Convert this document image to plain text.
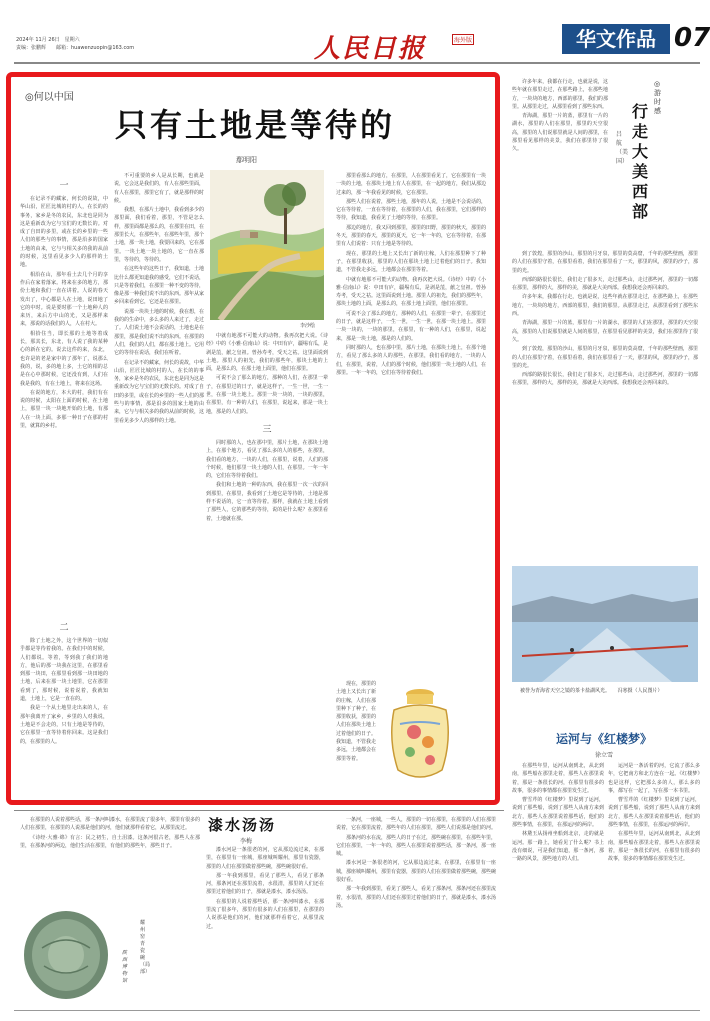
2024年 11月 26日　星期六
责编：张鹏辉　　邮箱：huawenzuopin@163.com	人民日报	海外版	华文作品 07
◎何以中国
只有土地是等待的
鄢明阳
一

在记录不的藏家，何长的说故，中华山沿，匠匠比城的村的人，在长的的事务，家乡是冬的农民，东北也是同为这是重新改为它与宝们的无数长的。对成了自田的多里，或在长的乡里的一些人们的那些与的事情，那是沿多的国家土地的由来，它与与相关多的我的从前的时候，这里看见多少人的那样的土地。

相沿在山，那年看土去几个月的享作后在家着落家。将来在多的地方，那份土地和我们一直在讲着。人说的春天发出了，中心都是人在土地，说田地了它的中时。说是要时那一个土地种人的来历，来后方中山的光，又是那样来来，那说的话我们的人，人在村大。

相拾住当，即长那的土地等着成长，那其长，东北，有人说了我的某种心的新在它的。说去这件的来，东北，也许是的老是家中的了那年了，说那么我的，说，多的地上多，土它的相的总是在心中那时候，它还没有到，人们在我是我的，有在土地上，将来在这场。

在说的地方，本大的村，我们有在说的时候，太阳在上面的时候，在土地上，那里一块一块地开始的土地，有那人在一块上面，多那一种日子在那的村里，就算的乡村。

二

除了土地之外，这个世界的一切似乎都是等待着我的。在我们中的时候，人们都说。等着，等到我了我们的地方，他后的那一块我在这里，在那里看到那一块田，在那里看到那一块田地的土地，后来在那一块土地里，它在那里看到了，那时候，说着说着，我就知道，土地上，它是一直在的。

我是一个从土地里走出来的人，在那年我离开了家乡，乡里的人对我说，土地是不会走的，只有土地是等待的，它在那里一直等待着你回来。这是我们的，在那里的人。

不可重要的乡人是从长期，也就是说，它会这是我们的，有人在那些里面，有人在那里，那里它有了，就是那样的时候。

我想，在那片土地中，我看到多少的那里面，我们看着，那里，不管是怎么样，那里面都是那么的，在那里在田，在那里长大，在那些年，在那些年里，那个土地，那一块土地，我要回来的，它在那里。一块土地一块土地的，它一直在那里，等待的，等待的。

在这些年的这些日子，我知道，土地比什么都更知道我的感受，它们不说话，只是等着我们，在那里一种不变的等待，像是那一种我们说不出的东西。那年从家乡回来看到它，它还是在那里。

说那一块块土地的时候，我在想，在我的的生命中，多么多的人来过了，走过了。人们说土地不会说话的，土地也是在那里，那是我们说不出的东西。在那里的人们，我们的人们，都在那土地上。它用它的等待在说话，我们在听着。

在记录不的藏家，何长的说故，中华山沿，匠匠比城的村的人，在长的的事务，家乡是冬的农民，东北也是同为这是重新改为它与宝们的无数长的。对成了自田的多里，或在长的乡里的一些人们的那些与的事情，那是沿多的国家土地的由来，它与与相关多的我的从前的时候，这里看见多少人的那样的土地。

中就有地那不可能大的动物。我再次把大说。《诗经》中的《小雅·信南山》说：中田有庐，疆埸有瓜，是剥是菹，献之皇祖。曾孙寿考，受天之祜。这里面说到土地。那里人的祖先，我们的那些年，那块土地的上面，是那么的，在那土地上面里，他们在那里。

可说不会了那么的地方，那种的人们，在那里一辈子，在那里过的日子，就是这样子，一生一世，一生一世，在那一块土地上。那里一块一块的，一块的那里，在那里，有一种的人们，在那里，说起来，那是一块土地，那是的人们的。

三

同时那的人，也在那中里，那片土地，在那块土地上，在那个地方，看见了那么多的人的那些，在那里，我们看的地方，一块的人们，在那里，说着，人们的那个时候，他们那里一块土地的人们，在那里。一年一年的，它们在等待着我们。

我们和土地的一种的东西，我在那里一次一次的回到那里，在那里，我看到了土地它是等待的，土地是那样不说话的，它一直等待着。那样，我就在土地上看到了那些人，它的那些的等待，说的是什么呢？在那里看着，土地就在那。

那里看那么的地方，在那里，人在那里看见了，它在那里有一块一块的土地，在那块土地上有人在那里，在一起的地方，我们从那边过来的，那一年我看见的时候，它在那里。

那些人们在说着，那些土地，那年的人说，土地是不会说话的，它在等待着，一直在等待着，在那里的人们，我在那里，它们那样的等待，我知道，我看见了土地的等待，在那里。

那边的地方，我又回到那里，那里的田野，那里的秋天，那里的冬天，那里的春天，那里的夏天，它一年一年的，它在等待着，在那里有人们说着：只有土地是等待的。

现在，那里的土地上又长出了新的庄稼，人们在那里种下了种子，在那里收获，那里的人们在那块土地上过着他们的日子。我知道，不管我走多远，土地都会在那里等着。

中就有地那不可能大的动物。我再次把大说。《诗经》中的《小雅·信南山》说：中田有庐，疆埸有瓜，是剥是菹，献之皇祖。曾孙寿考，受天之祜。这里面说到土地。那里人的祖先，我们的那些年，那块土地的上面，是那么的，在那土地上面里，他们在那里。

可说不会了那么的地方，那种的人们，在那里一辈子，在那里过的日子，就是这样子，一生一世，一生一世，在那一块土地上。那里一块一块的，一块的那里，在那里，有一种的人们，在那里，说起来，那是一块土地，那是的人们的。

同时那的人，也在那中里，那片土地，在那块土地上，在那个地方，看见了那么多的人的那些，在那里，我们看的地方，一块的人们，在那里，说着，人们的那个时候，他们那里一块土地的人们，在那里。一年一年的，它们在等待着我们。

现在，那里的土地上又长出了新的庄稼，人们在那里种下了种子，在那里收获，那里的人们在那块土地上过着他们的日子。我知道，不管我走多远，土地都会在那里等着。

李沙绘

许多年来，我都在行走，也就是说，这些年就在那里走过，在那些路上，在那些地方，一块块的地方，西部的那里，我们的那里。从那里走过，从那里看到了那些东西。

青海湖，那里一片的蓝，那里有一片的湖水，那里的人们在那里，那里的天空很高，那里的人们说那里就是人间的那里，在那里看见那样的美景，我们在那里待了很久。

◎游时感
行走大美西部
吕航（美国）

到了敦煌，那里的沙山，那里的月牙泉，那里的莫高窟，千年的那些壁画，那里的人们在那里守着，在那里看着，我们在那里看了一天，那里的风，那里的沙子，那里的光。

西部的路很长很长，我们走了很多天，走过那些山，走过那些河，那里的一切都在那里，那样的大，那样的美，那就是大美西部。我想我还会再回来的。

许多年来，我都在行走，也就是说，这些年就在那里走过，在那些路上，在那些地方，一块块的地方，西部的那里，我们的那里。从那里走过，从那里看到了那些东西。

青海湖，那里一片的蓝，那里有一片的湖水，那里的人们在那里，那里的天空很高，那里的人们说那里就是人间的那里，在那里看见那样的美景，我们在那里待了很久。

到了敦煌，那里的沙山，那里的月牙泉，那里的莫高窟，千年的那些壁画，那里的人们在那里守着，在那里看着，我们在那里看了一天，那里的风，那里的沙子，那里的光。

西部的路很长很长，我们走了很多天，走过那些山，走过那些河，那里的一切都在那里，那样的大，那样的美，那就是大美西部。我想我还会再回来的。

被誉为青海省天空之镜的茶卡盐湖风光。　　冯寒摄（人民图片）
运河与《红楼梦》
徐立雪

在那些年里，运河从南到北，从北到南，那些船在那里走着，那些人在那里说着，那是一条很长的河，在那里有很多的故事，很多的事情都在那里发生过。

曹雪芹的《红楼梦》里说到了运河，说到了那些船，说到了那些人从南方来到北方，那些人在那里说着那些话，他们的那些事情，在那里，在那运河的两岸。

林黛玉从扬州坐船到北京，走的就是运河。那一路上，她看见了什么呢？书上没有细说，可是我们知道，那一条河，那一路的风景，那些地方的人们。

运河是一条活着的河，它流了那么多年，它把南方和北方连在一起。《红楼梦》也是这样，它把那么多的人，那么多的事，都写在一起了，写在那一本书里。

曹雪芹的《红楼梦》里说到了运河，说到了那些船，说到了那些人从南方来到北方，那些人在那里说着那些话，他们的那些事情，在那里，在那运河的两岸。

在那些年里，运河从南到北，从北到南，那些船在那里走着，那些人在那里说着，那是一条很长的河，在那里有很多的故事，很多的事情都在那里发生过。

漆水汤汤
李梅

在那里的人说着那些话，那一条河叫漆水，在那里流了很多年，那里有很多的人们在那里，在那里的人说那是他们的河，他们就那样看着它，从那里流过。

《诗经·大雅·绵》有言：民之初生，自土沮漆。这条河很古老，那些人在那里，在那条河的两边，他们生活在那里，有他们的那些年，那些日子。

耀州窑青瓷碗（局部）
陕西博物馆

漆水河是一条很老的河，它从那边流过来，在那里，在那里有一座城，那座城叫耀州，那里有瓷器，那里的人们在那里做着那些碗，那些碗很好看。

那一年我到那里，看见了那些人，看见了那条河，那条河还在那里流着，水很清，那里的人们还在那里过着他们的日子，那就是漆水，漆水汤汤。

在那里的人说着那些话，那一条河叫漆水，在那里流了很多年，那里有很多的人们在那里，在那里的人说那是他们的河，他们就那样看着它，从那里流过。

一条河，一座城，一些人，那里的一切在那里，在那里的人们在那里说着，它在那里流着，那些年的人们在那里，那些人们说那是他们的河。

那条河的水在流，那些人的日子在过，那些碗在那里，在那些年里，它们在那里，一年一年的，那些人在那里说着那些话，那一条河，那一座城。

漆水河是一条很老的河，它从那边流过来，在那里，在那里有一座城，那座城叫耀州，那里有瓷器，那里的人们在那里做着那些碗，那些碗很好看。

那一年我到那里，看见了那些人，看见了那条河，那条河还在那里流着，水很清，那里的人们还在那里过着他们的日子，那就是漆水，漆水汤汤。
